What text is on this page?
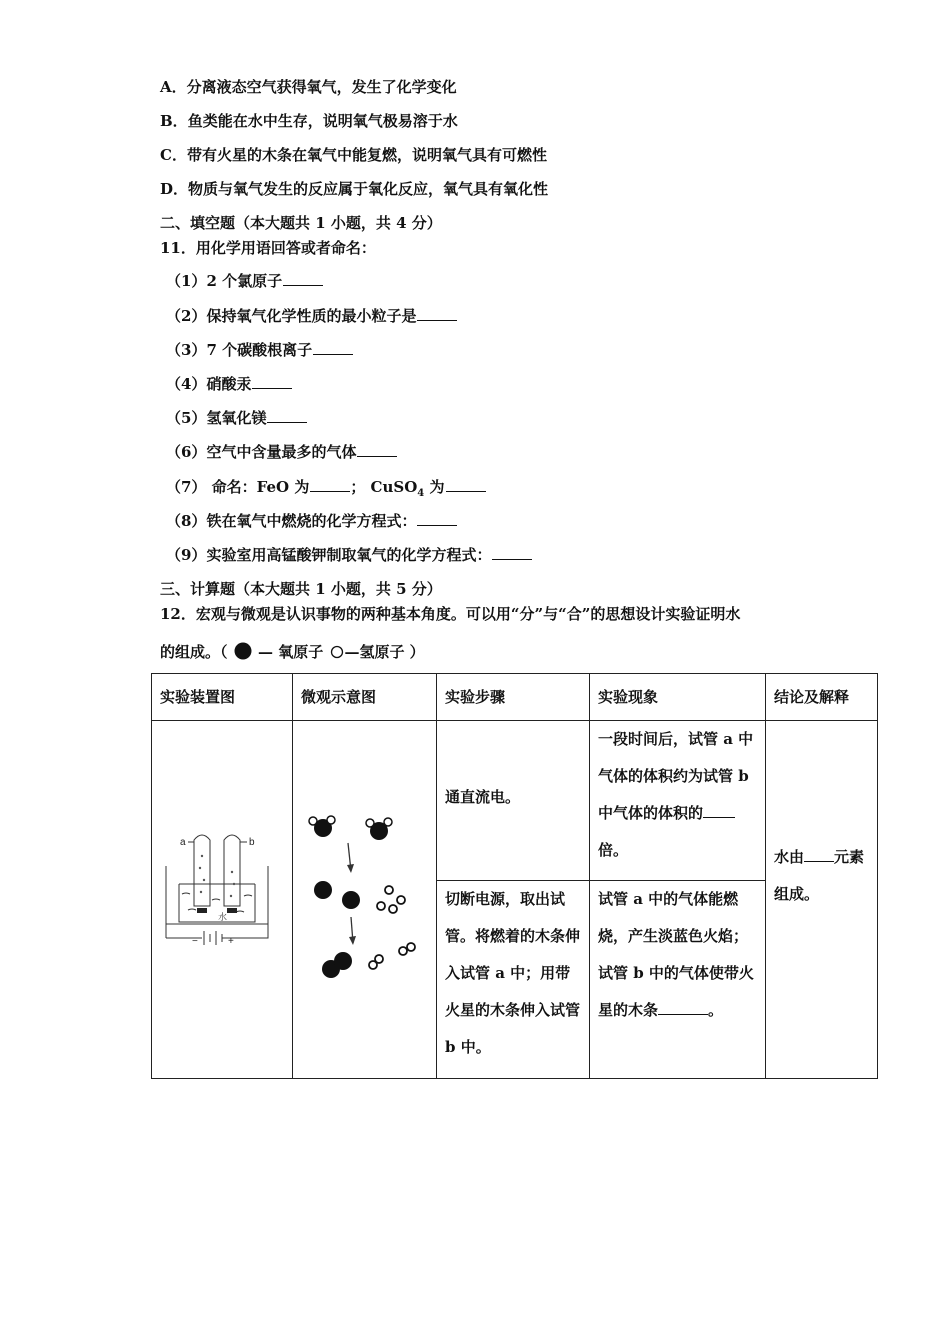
A．分离液态空气获得氧气，发生了化学变化
B．鱼类能在水中生存，说明氧气极易溶于水
C．带有火星的木条在氧气中能复燃，说明氧气具有可燃性
D．物质与氧气发生的反应属于氧化反应，氧气具有氧化性
二、填空题（本大题共 1 小题，共 4 分）
11．用化学用语回答或者命名：
（1）2 个氯原子
（2）保持氧气化学性质的最小粒子是
（3）7 个碳酸根离子
（4）硝酸汞
（5）氢氧化镁
（6）空气中含量最多的气体
（7） 命名：FeO 为	； CuSO$_4$ 为
（8）铁在氧气中燃烧的化学方程式：
（9）实验室用高锰酸钾制取氧气的化学方程式：
三、计算题（本大题共 1 小题，共 5 分）
12．宏观与微观是认识事物的两种基本角度。可以用“分”与“合”的思想设计实验证明水
的组成。（  — 氧原子 —氢原子 ）
实验装置图	微观示意图	实验步骤	实验现象	结论及解释

a b
水
− +		通直流电。	一段时间后，试管 a 中气体的体积约为试管 b 中气体的体积的倍。	水由 元素组成。
		切断电源，取出试管。将燃着的木条伸入试管 a 中；用带火星的木条伸入试管 b 中。	试管 a 中的气体能燃烧，产生淡蓝色火焰； 试管 b 中的气体使带火星的木条 。	
